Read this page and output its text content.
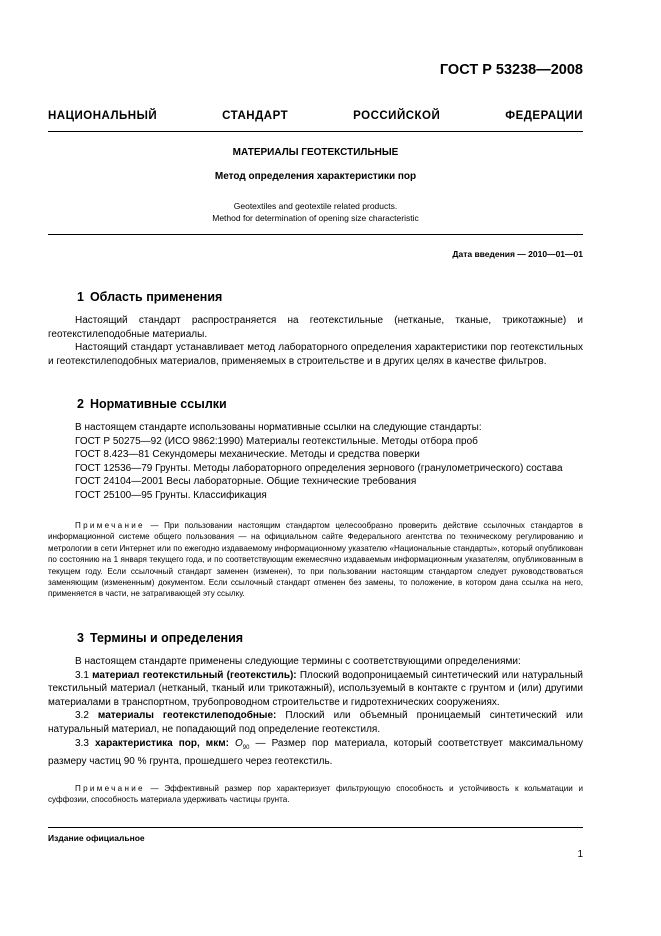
ГОСТ Р 53238—2008
НАЦИОНАЛЬНЫЙ СТАНДАРТ РОССИЙСКОЙ ФЕДЕРАЦИИ
МАТЕРИАЛЫ ГЕОТЕКСТИЛЬНЫЕ
Метод определения характеристики пор
Geotextiles and geotextile related products.
Method for determination of opening size characteristic
Дата введения — 2010—01—01
1 Область применения

Настоящий стандарт распространяется на геотекстильные (нетканые, тканые, трикотажные) и геотекстилеподобные материалы.

Настоящий стандарт устанавливает метод лабораторного определения характеристики пор геотекстильных и геотекстилеподобных материалов, применяемых в строительстве и в других целях в качестве фильтров.

2 Нормативные ссылки

В настоящем стандарте использованы нормативные ссылки на следующие стандарты:

ГОСТ Р 50275—92 (ИСО 9862:1990) Материалы геотекстильные. Методы отбора проб

ГОСТ 8.423—81 Секундомеры механические. Методы и средства поверки

ГОСТ 12536—79 Грунты. Методы лабораторного определения зернового (гранулометрического) состава

ГОСТ 24104—2001 Весы лабораторные. Общие технические требования

ГОСТ 25100—95 Грунты. Классификация

Примечание — При пользовании настоящим стандартом целесообразно проверить действие ссылочных стандартов в информационной системе общего пользования — на официальном сайте Федерального агентства по техническому регулированию и метрологии в сети Интернет или по ежегодно издаваемому информационному указателю «Национальные стандарты», который опубликован по состоянию на 1 января текущего года, и по соответствующим ежемесячно издаваемым информационным указателям, опубликованным в текущем году. Если ссылочный стандарт заменен (изменен), то при пользовании настоящим стандартом следует руководствоваться заменяющим (измененным) документом. Если ссылочный стандарт отменен без замены, то положение, в котором дана ссылка на него, применяется в части, не затрагивающей эту ссылку.

3 Термины и определения

В настоящем стандарте применены следующие термины с соответствующими определениями:

3.1 материал геотекстильный (геотекстиль): Плоский водопроницаемый синтетический или натуральный текстильный материал (нетканый, тканый или трикотажный), используемый в контакте с грунтом и (или) другими материалами в транспортном, трубопроводном строительстве и гидротехнических сооружениях.

3.2 материалы геотекстилеподобные: Плоский или объемный проницаемый синтетический или натуральный материал, не попадающий под определение геотекстиля.

3.3 характеристика пор, мкм: $O_{90}$ — Размер пор материала, который соответствует максимальному размеру частиц 90 % грунта, прошедшего через геотекстиль.

Примечание — Эффективный размер пор характеризует фильтрующую способность и устойчивость к кольматации и суффозии, способность материала удерживать частицы грунта.

Издание официальное
1
